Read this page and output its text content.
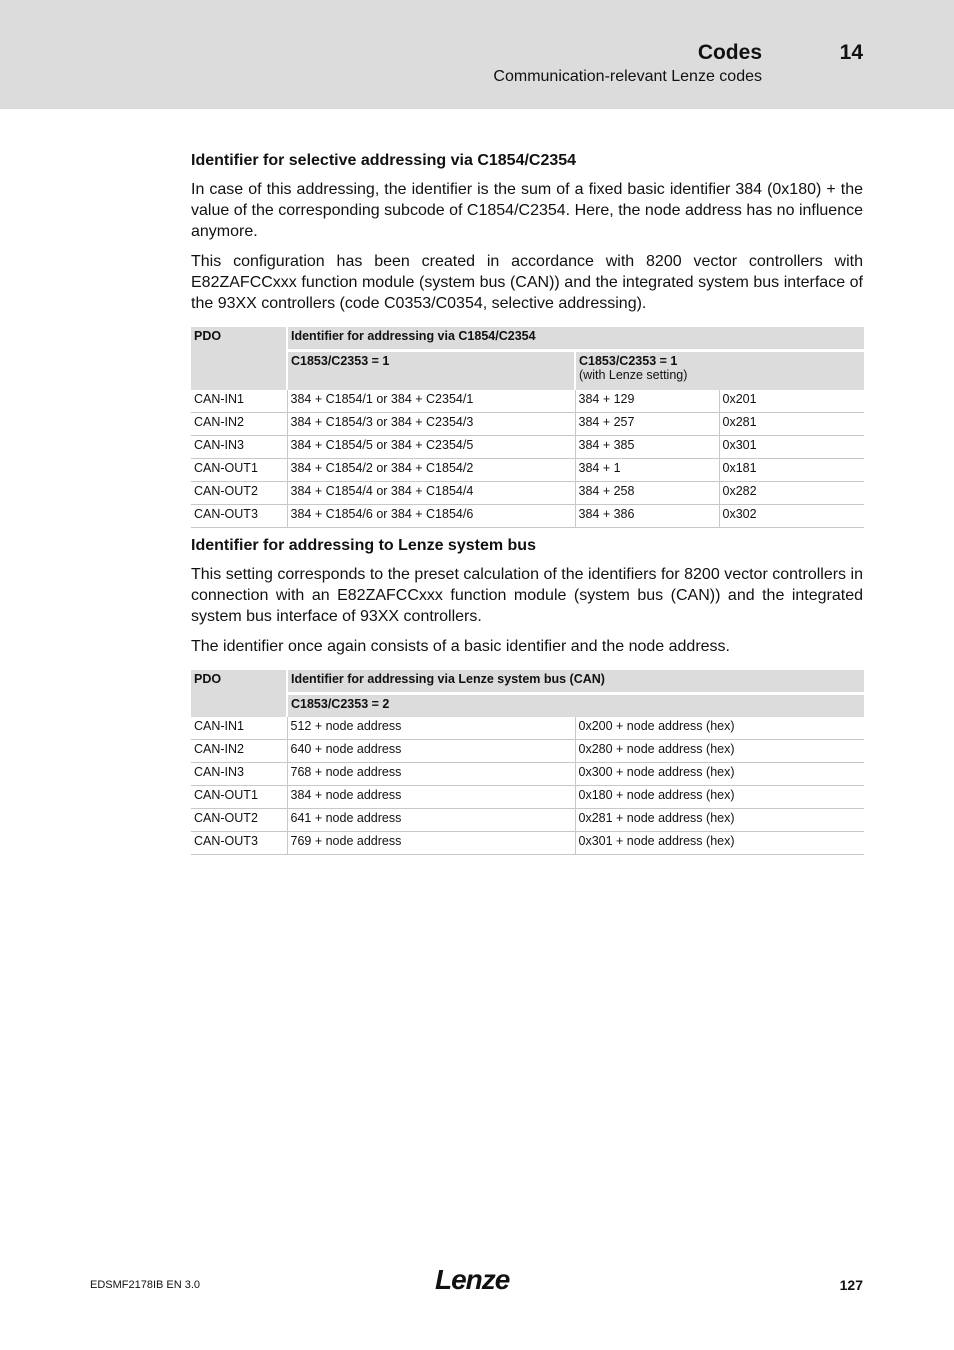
Codes	14
Communication-relevant Lenze codes
Identifier for selective addressing via C1854/C2354

In case of this addressing, the identifier is the sum of a fixed basic identifier 384 (0x180) + the value of the corresponding subcode of C1854/C2354. Here, the node address has no influence anymore.

This configuration has been created in accordance with 8200 vector controllers with E82ZAFCCxxx function module (system bus (CAN)) and the integrated system bus interface of the 93XX controllers (code C0353/C0354, selective addressing).

PDO	Identifier for addressing via C1854/C2354		
	C1853/C2353 = 1	C1853/C2353 = 1
(with Lenze setting)	

CAN-IN1	384 + C1854/1 or 384 + C2354/1	384 + 129	0x201
CAN-IN2	384 + C1854/3 or 384 + C2354/3	384 + 257	0x281
CAN-IN3	384 + C1854/5 or 384 + C2354/5	384 + 385	0x301
CAN-OUT1	384 + C1854/2 or 384 + C1854/2	384 + 1	0x181
CAN-OUT2	384 + C1854/4 or 384 + C1854/4	384 + 258	0x282
CAN-OUT3	384 + C1854/6 or 384 + C1854/6	384 + 386	0x302
Identifier for addressing to Lenze system bus

This setting corresponds to the preset calculation of the identifiers for 8200 vector controllers in connection with an E82ZAFCCxxx function module (system bus (CAN)) and the integrated system bus interface of 93XX controllers.

The identifier once again consists of a basic identifier and the node address.

PDO	Identifier for addressing via Lenze system bus (CAN)	
	C1853/C2353 = 2	
CAN-IN1	512 + node address	0x200 + node address (hex)
CAN-IN2	640 + node address	0x280 + node address (hex)
CAN-IN3	768 + node address	0x300 + node address (hex)
CAN-OUT1	384 + node address	0x180 + node address (hex)
CAN-OUT2	641 + node address	0x281 + node address (hex)
CAN-OUT3	769 + node address	0x301 + node address (hex)
EDSMF2178IB EN 3.0	Lenze	127
